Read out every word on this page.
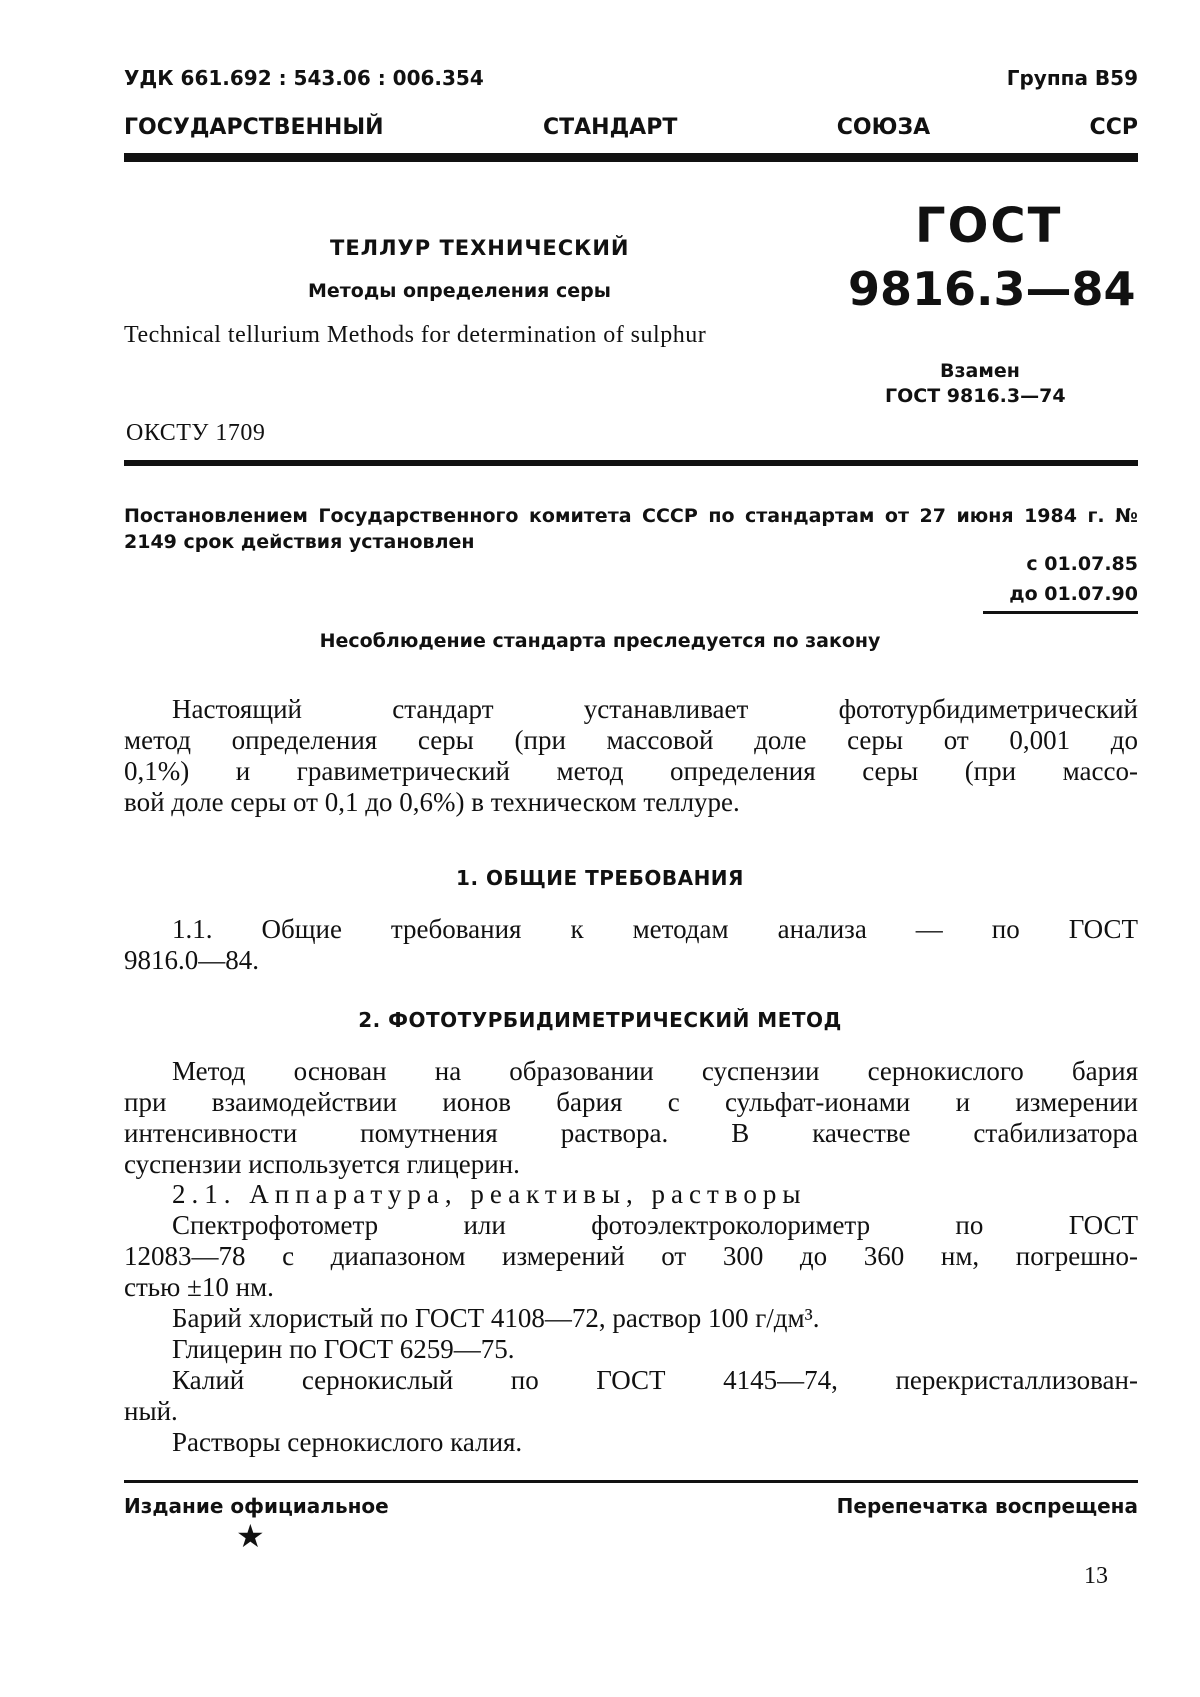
УДК 661.692 : 543.06 : 006.354	Группа В59
ГОСУДАРСТВЕННЫЙ	СТАНДАРТ	СОЮЗА	ССР
ТЕЛЛУР ТЕХНИЧЕСКИЙ
Методы определения серы
Technical tellurium Methods for determination of sulphur
ГОСТ
9816.3—84
Взамен
ГОСТ 9816.3—74
ОКСТУ 1709
Постановлением Государственного комитета СССР по стандартам от 27 июня 1984 г. № 2149 срок действия установлен
с 01.07.85
до 01.07.90
Несоблюдение стандарта преследуется по закону
Настоящий стандарт устанавливает фототурбидиметрический
метод определения серы (при массовой доле серы от 0,001 до
0,1%) и гравиметрический метод определения серы (при массо-
вой доле серы от 0,1 до 0,6%) в техническом теллуре.
1. ОБЩИЕ ТРЕБОВАНИЯ
1.1. Общие требования к методам анализа — по ГОСТ
9816.0—84.
2. ФОТОТУРБИДИМЕТРИЧЕСКИЙ МЕТОД
Метод основан на образовании суспензии сернокислого бария
при взаимодействии ионов бария с сульфат-ионами и измерении
интенсивности помутнения раствора. В качестве стабилизатора
суспензии используется глицерин.
2.1. Аппаратура, реактивы, растворы
Спектрофотометр или фотоэлектроколориметр по ГОСТ
12083—78 с диапазоном измерений от 300 до 360 нм, погрешно-
стью ±10 нм.
Барий хлористый по ГОСТ 4108—72, раствор 100 г/дм³.
Глицерин по ГОСТ 6259—75.
Калий сернокислый по ГОСТ 4145—74, перекристаллизован-
ный.
Растворы сернокислого калия.
Издание официальное	Перепечатка воспрещена
★
13
